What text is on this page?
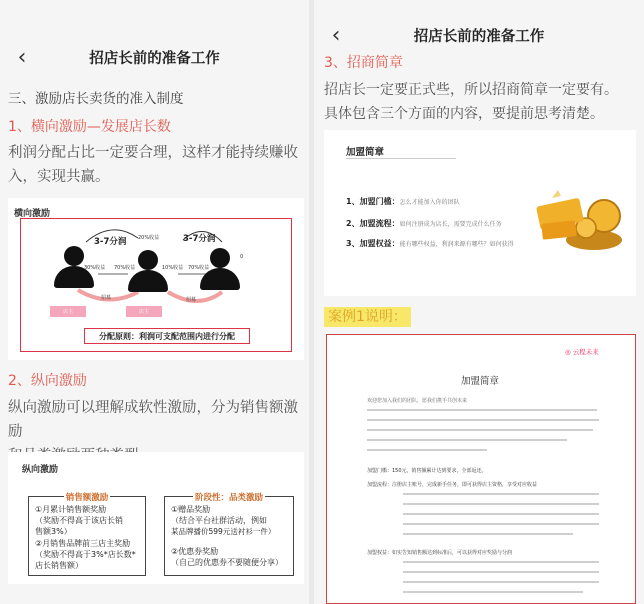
‹	招店长前的准备工作
三、激励店长卖货的准入制度
1、横向激励—发展店长数
利润分配占比一定要合理，这样才能持续赚收
入，实现共赢。
横向激励
3-7分润	3-7分润
20%收益
30%收益 70%收益	10%收益 70%收益
0
招募	招募
店主	店主
分配原则：利润可支配范围内进行分配
2、纵向激励
纵向激励可以理解成软性激励，分为销售额激励
纵向激励
销售额激励
①月累计销售额奖励
（奖励不得高于该店长销
售额3%）
②月销售品牌前三店主奖励
（奖励不得高于3%*店长数*
店长销售额）
阶段性：品类激励
①赠品奖励
（结合平台社群活动，例如
某品牌播价599元送衬衫一件）
②优惠券奖励
（自己的优惠券不要随便分享）
‹	招店长前的准备工作
3、招商简章
招店长一定要正式些，所以招商简章一定要有。
具体包含三个方面的内容，要提前思考清楚。
加盟简章
1、加盟门槛：怎么才能加入你的团队
2、加盟流程：如何注册成为店长，需要完成什么任务
3、加盟权益：能有哪些权益，利润来源有哪些？如何获得
案例1说明：
◎ 云程未来
加盟简章
欢迎您加入我们的团队，愿我们携手共创未来
加盟门槛：150元，销售额累计达到要求，全部返还。
加盟流程：注册店主账号，完成新手任务，即可获得店主资格，享受对应收益
加盟权益：如实告知销售额达到标准后，可以获得对应奖励与分润
